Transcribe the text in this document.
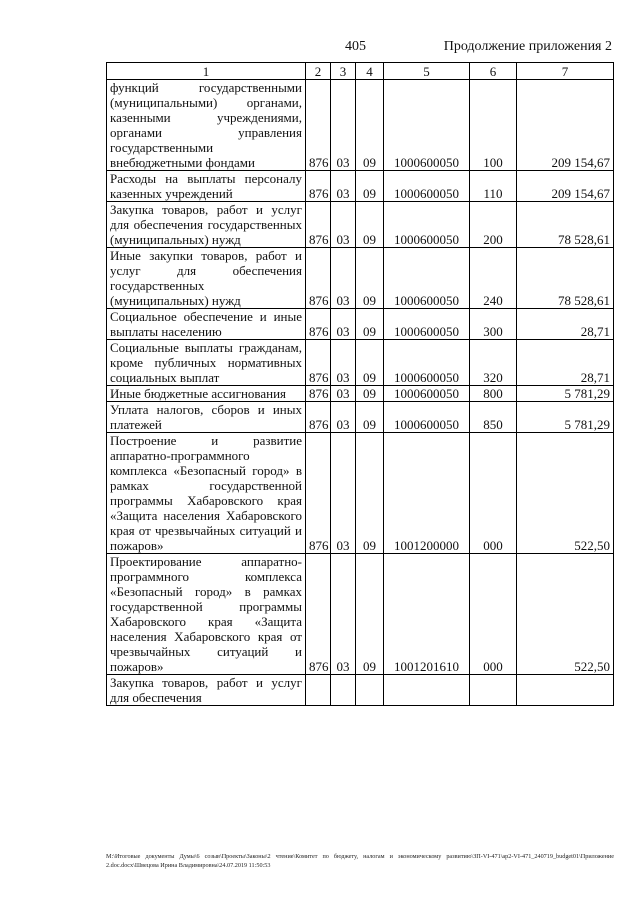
405	Продолжение приложения 2
1	2	3	4	5	6	7
функций государственными (муниципальными) органами, казенными учреждениями, органами управления государственными внебюджетными фондами	876	03	09	1000600050	100	209 154,67
Расходы на выплаты персоналу казенных учреждений	876	03	09	1000600050	110	209 154,67
Закупка товаров, работ и услуг для обеспечения государственных (муниципальных) нужд	876	03	09	1000600050	200	78 528,61
Иные закупки товаров, работ и услуг для обеспечения государственных (муниципальных) нужд	876	03	09	1000600050	240	78 528,61
Социальное обеспечение и иные выплаты населению	876	03	09	1000600050	300	28,71
Социальные выплаты гражданам, кроме публичных нормативных социальных выплат	876	03	09	1000600050	320	28,71
Иные бюджетные ассигнования	876	03	09	1000600050	800	5 781,29
Уплата налогов, сборов и иных платежей	876	03	09	1000600050	850	5 781,29
Построение и развитие аппаратно-программного комплекса «Безопасный город» в рамках государственной программы Хабаровского края «Защита населения Хабаровского края от чрезвычайных ситуаций и пожаров»	876	03	09	1001200000	000	522,50
Проектирование аппаратно-программного комплекса «Безопасный город» в рамках государственной программы Хабаровского края «Защита населения Хабаровского края от чрезвычайных ситуаций и пожаров»	876	03	09	1001201610	000	522,50
Закупка товаров, работ и услуг для обеспечения						
М:\Итоговые документы Думы\6 созыв\Проекты\Законы\2 чтение\Комитет по бюджету, налогам и экономическому развитию\ЗП-VI-471\ар2-VI-471_240719_budget01\Приложение 2.doc.docx\Швецова Ирина Владимировна\24.07.2019 11:50:53
